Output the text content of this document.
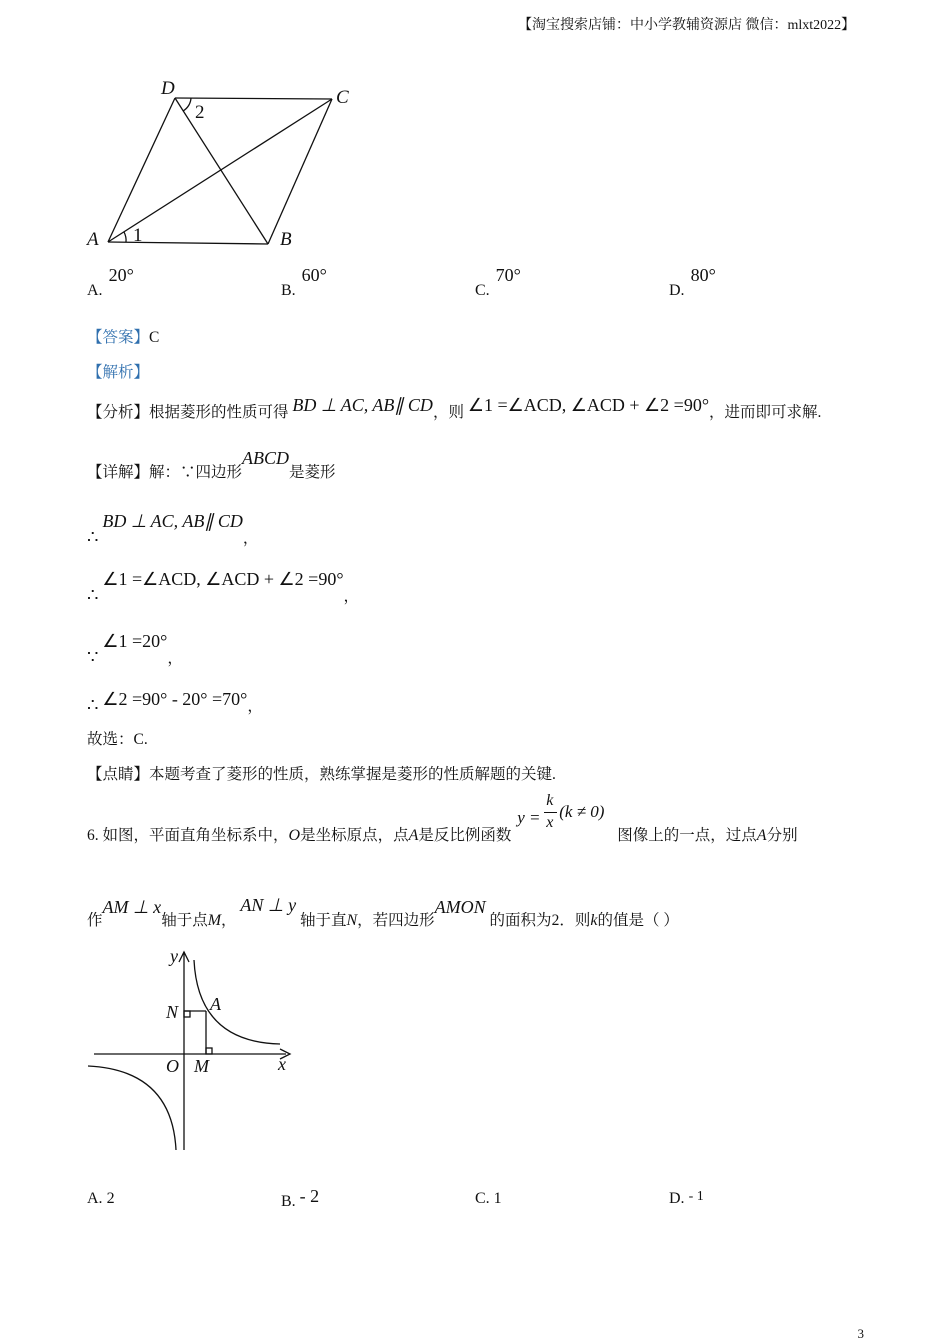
【淘宝搜索店铺：中小学教辅资源店 微信：mlxt2022】
D	C
A	B
2
1
A. 20°
B. 60°
C. 70°
D. 80°
【答案】C
【解析】
【分析】根据菱形的性质可得 BD ⊥ AC, AB∥ CD，则 ∠1 =∠ACD, ∠ACD + ∠2 =90°，进而即可求解.
【详解】解：∵四边形ABCD是菱形
∴ BD ⊥ AC, AB∥ CD，
∴ ∠1 =∠ACD, ∠ACD + ∠2 =90°，
∵ ∠1 =20°，
∴ ∠2 =90° - 20° =70°，
故选：C.
【点睛】本题考查了菱形的性质，熟练掌握是菱形的性质解题的关键.
6. 如图，平面直角坐标系中，O是坐标原点，点A是反比例函数
y =
k
x
(k ≠ 0)
图像上的一点，过点A分别
作AM ⊥ x轴于点M， AN ⊥ y 轴于直N，若四边形AMON 的面积为2．则k的值是（ ）
y
x
O M
N A
A. 2	B. - 2	C. 1	D. - 1
3
